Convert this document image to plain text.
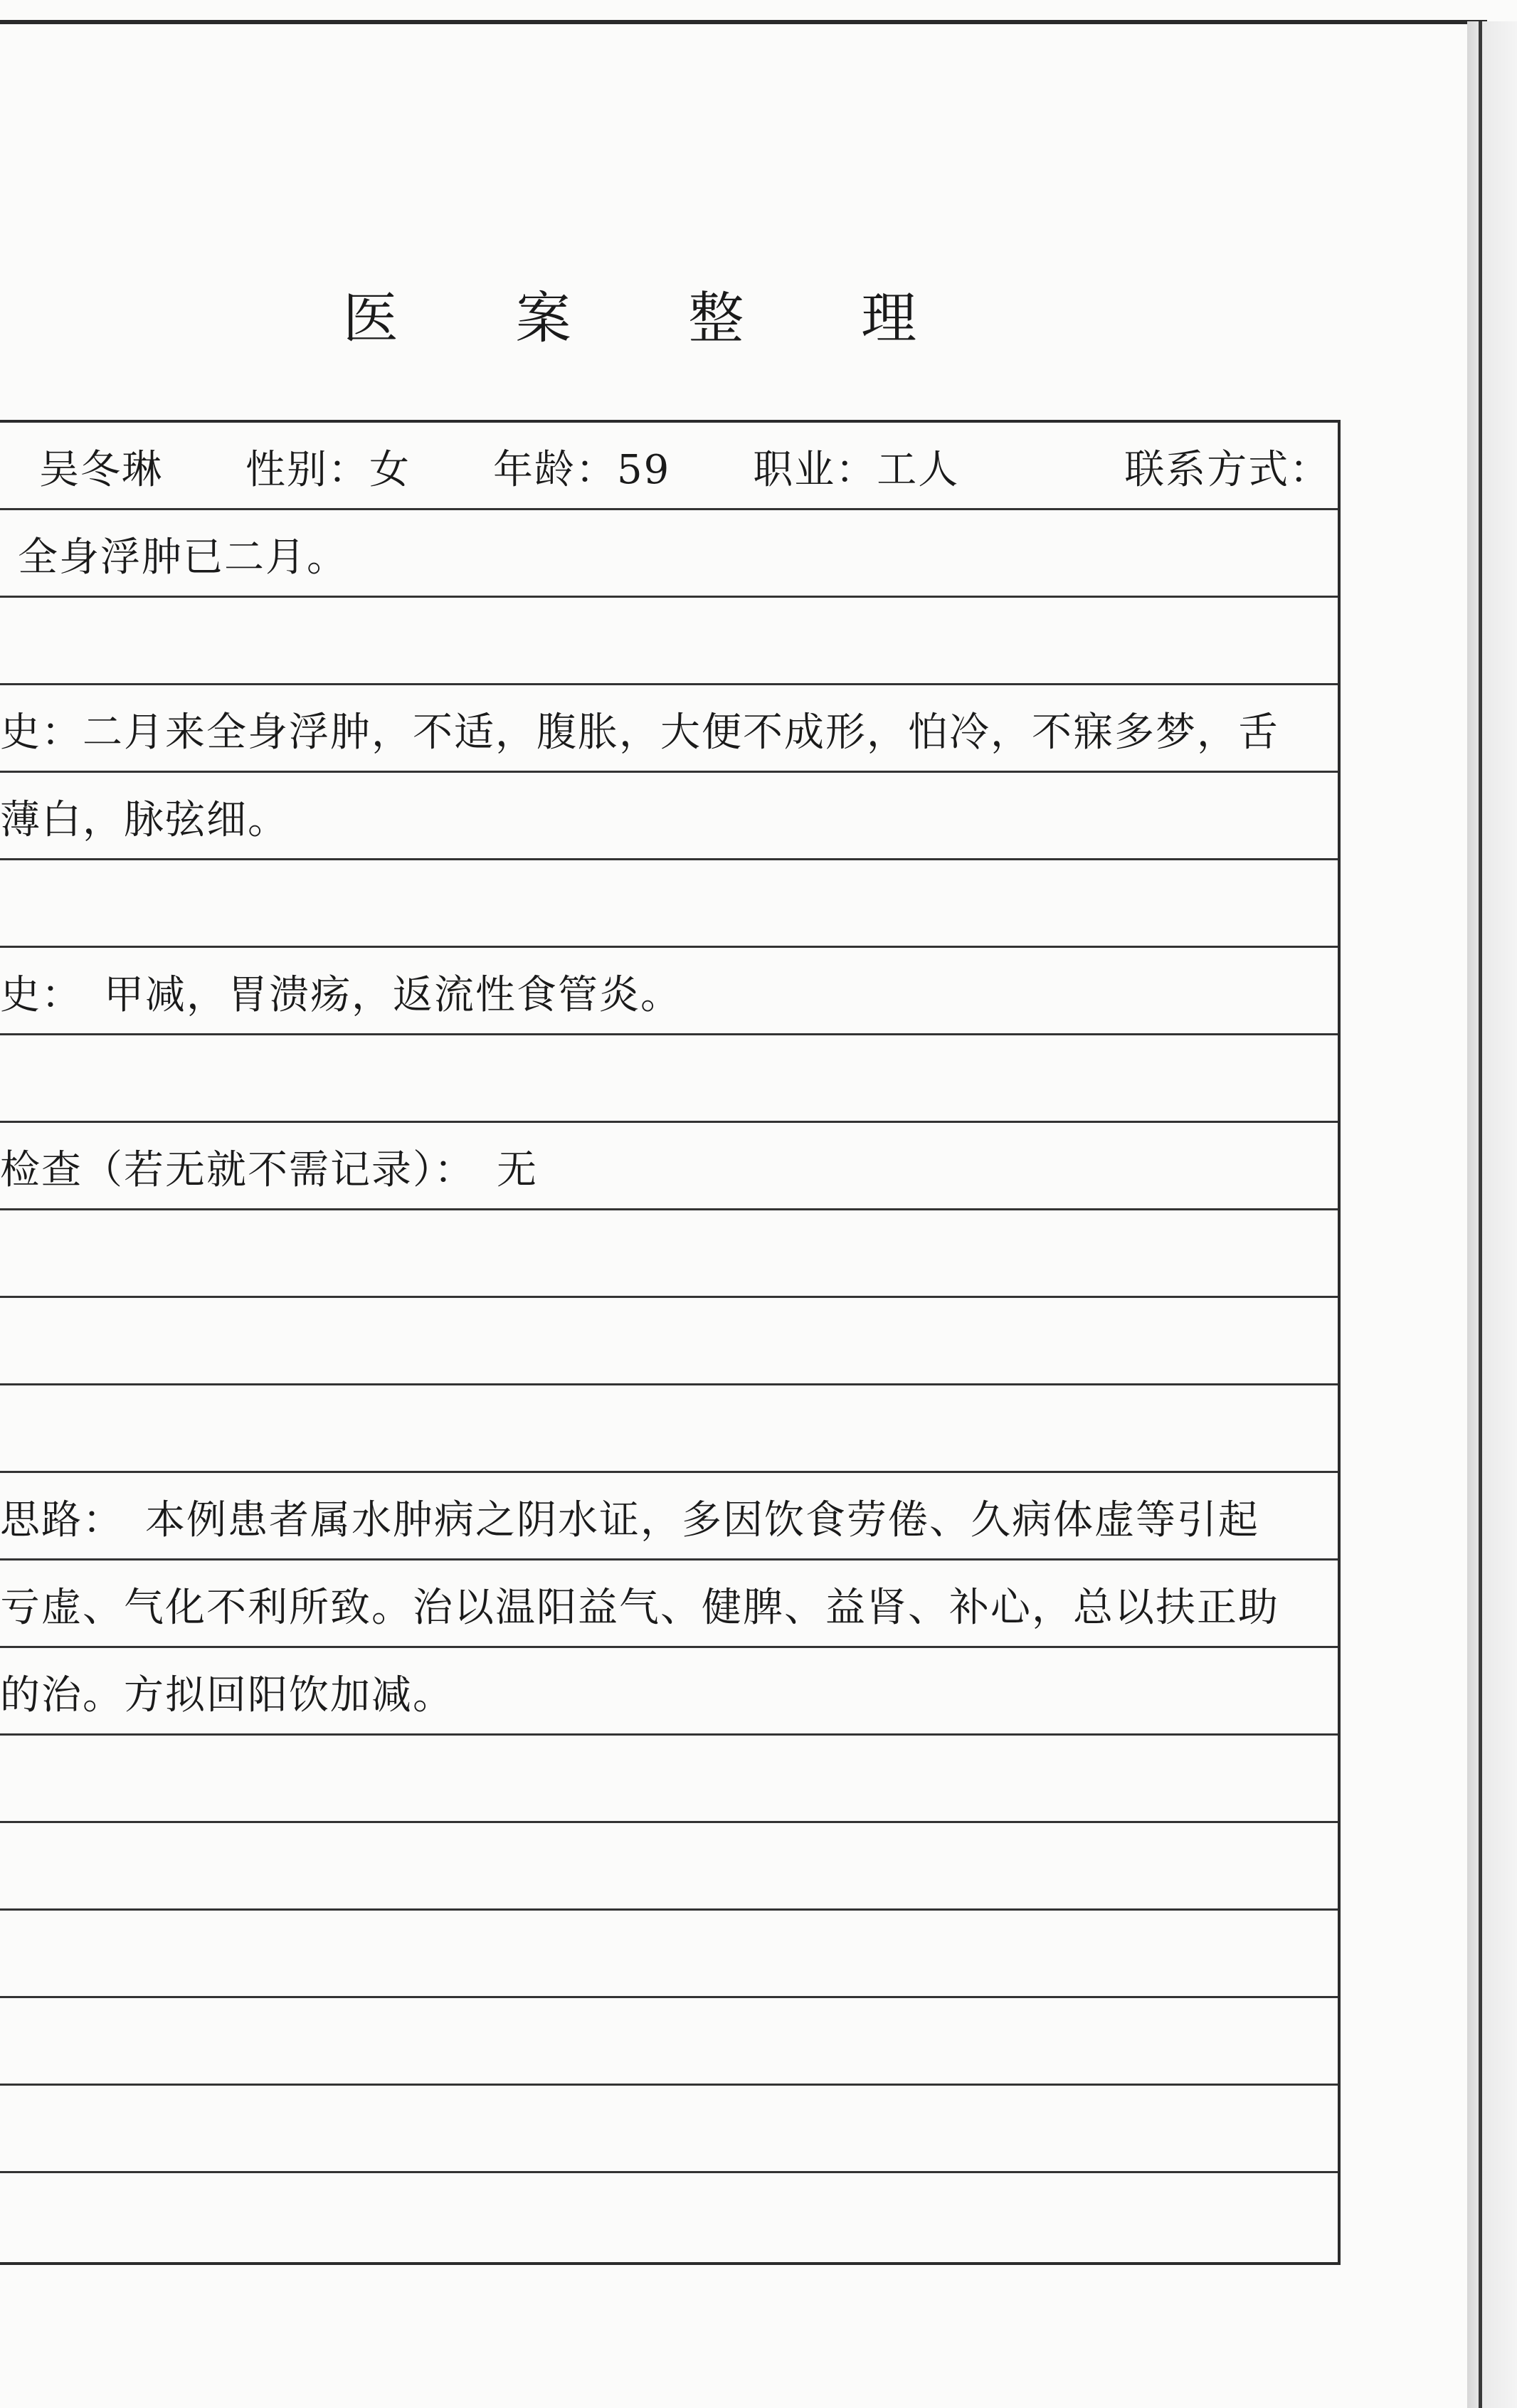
医 案 整 理
吴冬琳　　性别：女　　年龄：59　　职业：工人　　　　联系方式：
全身浮肿已二月。
史：二月来全身浮肿，不适，腹胀，大便不成形，怕冷，不寐多梦，舌
薄白，脉弦细。
史：　甲减，胃溃疡，返流性食管炎。
检查（若无就不需记录）：　无
思路：　本例患者属水肿病之阴水证，多因饮食劳倦、久病体虚等引起
亏虚、气化不利所致。治以温阳益气、健脾、益肾、补心，总以扶正助
的治。方拟回阳饮加减。
